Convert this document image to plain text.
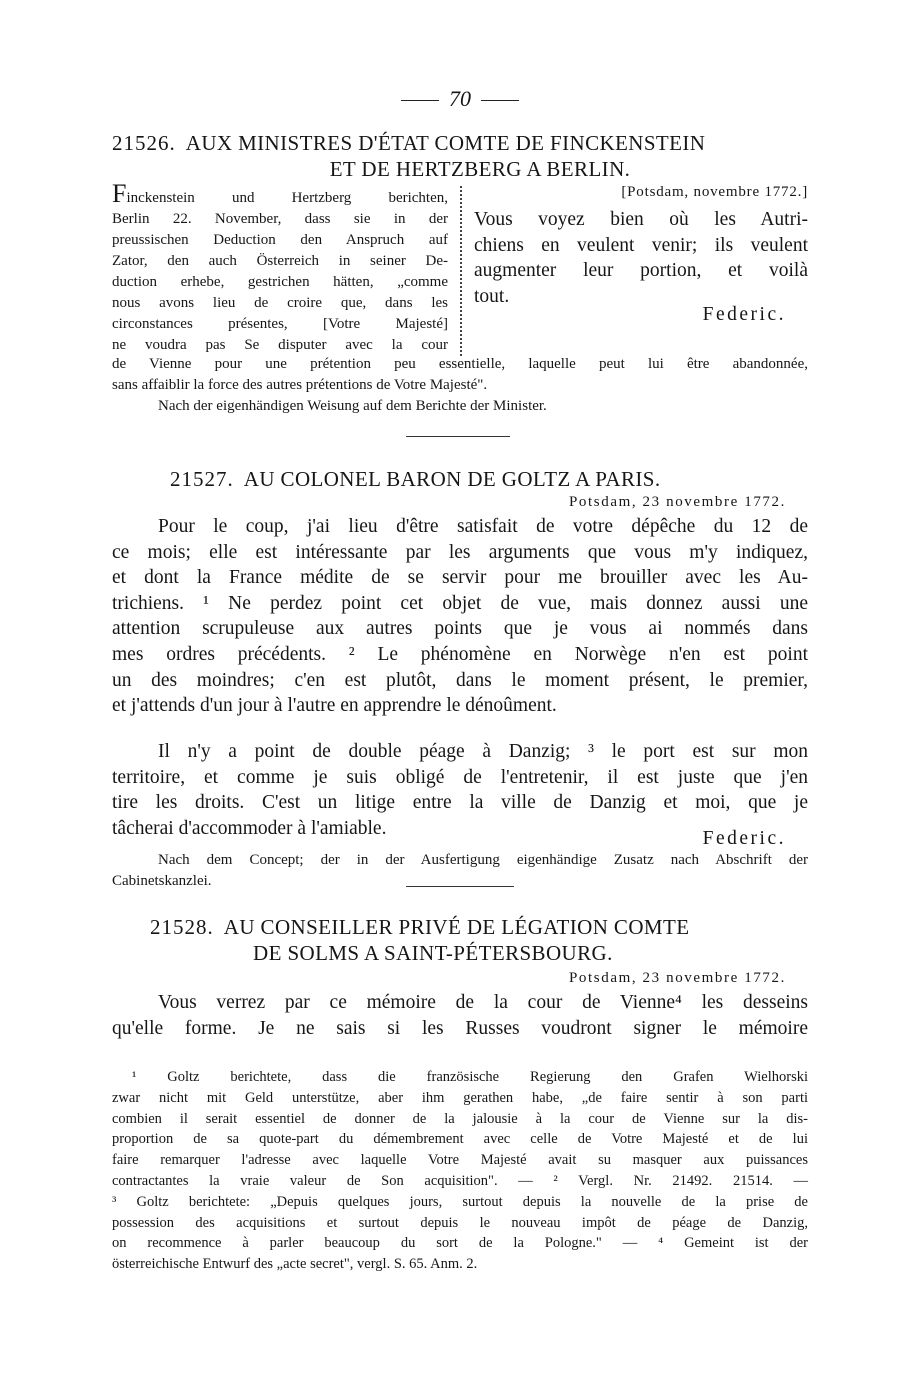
70
21526. AUX MINISTRES D'ÉTAT COMTE DE FINCKENSTEIN
ET DE HERTZBERG A BERLIN.
Finckenstein und Hertzberg berichten,
Berlin 22. November, dass sie in der
preussischen Deduction den Anspruch auf
Zator, den auch Österreich in seiner De-
duction erhebe, gestrichen hätten, „comme
nous avons lieu de croire que, dans les
circonstances présentes, [Votre Majesté]
ne voudra pas Se disputer avec la cour
[Potsdam, novembre 1772.]
Vous voyez bien où les Autri-
chiens en veulent venir; ils veulent
augmenter leur portion, et voilà
tout.
Federic.
de Vienne pour une prétention peu essentielle, laquelle peut lui être abandonnée,
sans affaiblir la force des autres prétentions de Votre Majesté".
Nach der eigenhändigen Weisung auf dem Berichte der Minister.
21527. AU COLONEL BARON DE GOLTZ A PARIS.
Potsdam, 23 novembre 1772.
Pour le coup, j'ai lieu d'être satisfait de votre dépêche du 12 de
ce mois; elle est intéressante par les arguments que vous m'y indiquez,
et dont la France médite de se servir pour me brouiller avec les Au-
trichiens. ¹ Ne perdez point cet objet de vue, mais donnez aussi une
attention scrupuleuse aux autres points que je vous ai nommés dans
mes ordres précédents. ² Le phénomène en Norwège n'en est point
un des moindres; c'en est plutôt, dans le moment présent, le premier,
et j'attends d'un jour à l'autre en apprendre le dénoûment.
Il n'y a point de double péage à Danzig; ³ le port est sur mon
territoire, et comme je suis obligé de l'entretenir, il est juste que j'en
tire les droits. C'est un litige entre la ville de Danzig et moi, que je
tâcherai d'accommoder à l'amiable.	Federic.
Nach dem Concept; der in der Ausfertigung eigenhändige Zusatz nach Abschrift der
Cabinetskanzlei.
21528. AU CONSEILLER PRIVÉ DE LÉGATION COMTE
DE SOLMS A SAINT-PÉTERSBOURG.
Potsdam, 23 novembre 1772.
Vous verrez par ce mémoire de la cour de Vienne⁴ les desseins
qu'elle forme. Je ne sais si les Russes voudront signer le mémoire
¹ Goltz berichtete, dass die französische Regierung den Grafen Wielhorski
zwar nicht mit Geld unterstütze, aber ihm gerathen habe, „de faire sentir à son parti
combien il serait essentiel de donner de la jalousie à la cour de Vienne sur la dis-
proportion de sa quote-part du démembrement avec celle de Votre Majesté et de lui
faire remarquer l'adresse avec laquelle Votre Majesté avait su masquer aux puissances
contractantes la vraie valeur de Son acquisition". — ² Vergl. Nr. 21492. 21514. —
³ Goltz berichtete: „Depuis quelques jours, surtout depuis la nouvelle de la prise de
possession des acquisitions et surtout depuis le nouveau impôt de péage de Danzig,
on recommence à parler beaucoup du sort de la Pologne." — ⁴ Gemeint ist der
österreichische Entwurf des „acte secret", vergl. S. 65. Anm. 2.
